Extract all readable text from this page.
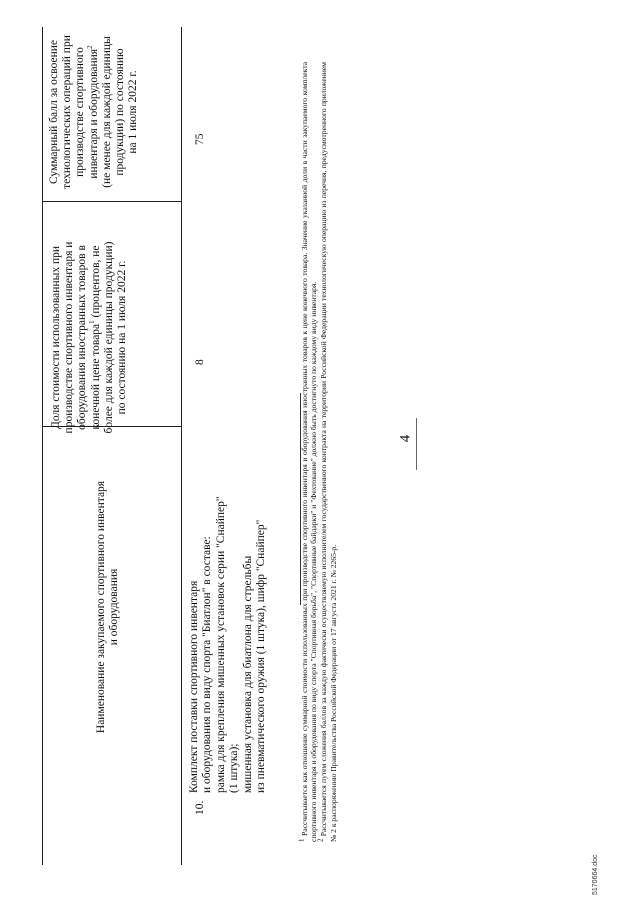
4
Наименование закупаемого спортивного инвентаря
и оборудования
Доля стоимости использованных при
производстве спортивного инвентаря и
оборудования иностранных товаров в
конечной цене товара$^1$ (процентов, не
более для каждой единицы продукции)
по состоянию на 1 июля 2022 г.
Суммарный балл за освоение
технологических операций при
производстве спортивного
инвентаря и оборудования$^2$
(не менее для каждой единицы
продукции) по состоянию
на 1 июля 2022 г.
10.
Комплект поставки спортивного инвентаря
и оборудования по виду спорта "Биатлон" в составе:
рамка для крепления мишенных установок серии "Снайпер"
(1 штука);
мишенная установка для биатлона для стрельбы
из пневматического оружия (1 штука), шифр "Снайпер"
8
75

$^1$ Рассчитывается как отношение суммарной стоимости использованных при производстве спортивного инвентаря и оборудования иностранных товаров к цене конечного товара. Значение указанной доли в части закупаемого комплекта спортивного инвентаря и оборудования по виду спорта "Спортивная борьба", "Спортивные байдарки" и "Фехтование" должно быть достигнуто по каждому виду инвентаря.

$^2$ Рассчитывается путем сложения баллов за каждую фактически осуществляемую исполнителем государственного контракта на территории Российской Федерации технологическую операцию из перечня, предусмотренного приложением № 2 к распоряжению Правительства Российской Федерации от 17 августа 2021 г. № 2265-р.

5170664.doc
